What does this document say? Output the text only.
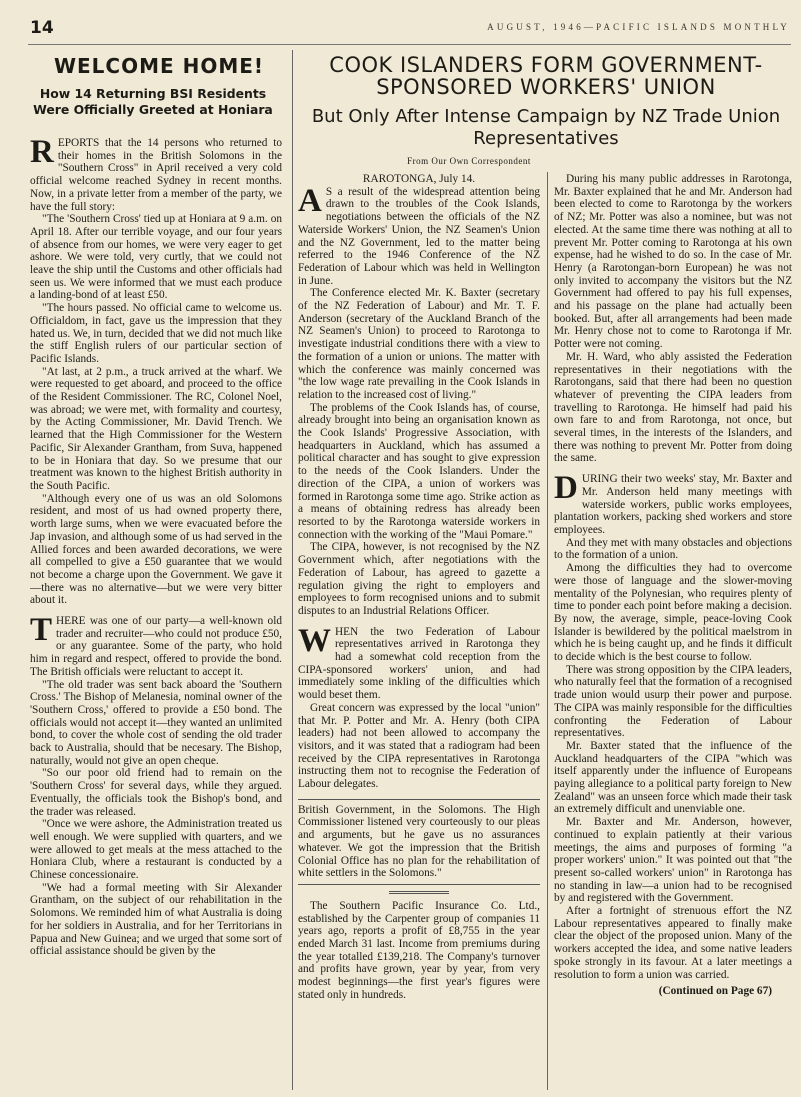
14	AUGUST, 1946—PACIFIC ISLANDS MONTHLY
WELCOME HOME!
How 14 Returning BSI Residents Were Officially Greeted at Honiara

REPORTS that the 14 persons who returned to their homes in the British Solomons in the "Southern Cross" in April received a very cold official welcome reached Sydney in recent months. Now, in a private letter from a member of the party, we have the full story:

"The 'Southern Cross' tied up at Honiara at 9 a.m. on April 18. After our terrible voyage, and our four years of absence from our homes, we were very eager to get ashore. We were told, very curtly, that we could not leave the ship until the Customs and other officials had seen us. We were informed that we must each produce a landing-bond of at least £50.

"The hours passed. No official came to welcome us. Officialdom, in fact, gave us the impression that they hated us. We, in turn, decided that we did not much like the stiff English rulers of our particular section of Pacific Islands.

"At last, at 2 p.m., a truck arrived at the wharf. We were requested to get aboard, and proceed to the office of the Resident Commissioner. The RC, Colonel Noel, was abroad; we were met, with formality and courtesy, by the Acting Commissioner, Mr. David Trench. We learned that the High Commissioner for the Western Pacific, Sir Alexander Grantham, from Suva, happened to be in Honiara that day. So we presume that our treatment was known to the highest British authority in the South Pacific.

"Although every one of us was an old Solomons resident, and most of us had owned property there, worth large sums, when we were evacuated before the Jap invasion, and although some of us had served in the Allied forces and been awarded decorations, we were all compelled to give a £50 guarantee that we would not become a charge upon the Government. We gave it—there was no alternative—but we were very bitter about it.

THERE was one of our party—a well-known old trader and recruiter—who could not produce £50, or any guarantee. Some of the party, who hold him in regard and respect, offered to provide the bond. The British officials were reluctant to accept it.

"The old trader was sent back aboard the 'Southern Cross.' The Bishop of Melanesia, nominal owner of the 'Southern Cross,' offered to provide a £50 bond. The officials would not accept it—they wanted an unlimited bond, to cover the whole cost of sending the old trader back to Australia, should that be necesary. The Bishop, naturally, would not give an open cheque.

"So our poor old friend had to remain on the 'Southern Cross' for several days, while they argued. Eventually, the officials took the Bishop's bond, and the trader was released.

"Once we were ashore, the Administration treated us well enough. We were supplied with quarters, and we were allowed to get meals at the mess attached to the Honiara Club, where a restaurant is conducted by a Chinese concessionaire.

"We had a formal meeting with Sir Alexander Grantham, on the subject of our rehabilitation in the Solomons. We reminded him of what Australia is doing for her soldiers in Australia, and for her Territorians in Papua and New Guinea; and we urged that some sort of official assistance should be given by the

COOK ISLANDERS FORM GOVERNMENT-SPONSORED WORKERS' UNION
But Only After Intense Campaign by NZ Trade Union Representatives
From Our Own Correspondent

RAROTONGA, July 14.

A S a result of the widespread attention being drawn to the troubles of the Cook Islands, negotiations between the officials of the NZ Waterside Workers' Union, the NZ Seamen's Union and the NZ Government, led to the matter being referred to the 1946 Conference of the NZ Federation of Labour which was held in Wellington in June.

The Conference elected Mr. K. Baxter (secretary of the NZ Federation of Labour) and Mr. T. F. Anderson (secretary of the Auckland Branch of the NZ Seamen's Union) to proceed to Rarotonga to investigate industrial conditions there with a view to the formation of a union or unions. The matter with which the conference was mainly concerned was "the low wage rate prevailing in the Cook Islands in relation to the increased cost of living."

The problems of the Cook Islands has, of course, already brought into being an organisation known as the Cook Islands' Progressive Association, with headquarters in Auckland, which has assumed a political character and has sought to give expression to the needs of the Cook Islanders. Under the direction of the CIPA, a union of workers was formed in Rarotonga some time ago. Strike action as a means of obtaining redress has already been resorted to by the Rarotonga waterside workers in connection with the working of the "Maui Pomare."

The CIPA, however, is not recognised by the NZ Government which, after negotiations with the Federation of Labour, has agreed to gazette a regulation giving the right to employers and employees to form recognised unions and to submit disputes to an Industrial Relations Officer.

WHEN the two Federation of Labour representatives arrived in Rarotonga they had a somewhat cold reception from the CIPA-sponsored workers' union, and had immediately some inkling of the difficulties which would beset them.

Great concern was expressed by the local "union" that Mr. P. Potter and Mr. A. Henry (both CIPA leaders) had not been allowed to accompany the visitors, and it was stated that a radiogram had been received by the CIPA representatives in Rarotonga instructing them not to recognise the Federation of Labour delegates.

British Government, in the Solomons. The High Commissioner listened very courteously to our pleas and arguments, but he gave us no assurances whatever. We got the impression that the British Colonial Office has no plan for the rehabilitation of white settlers in the Solomons."

The Southern Pacific Insurance Co. Ltd., established by the Carpenter group of companies 11 years ago, reports a profit of £8,755 in the year ended March 31 last. Income from premiums during the year totalled £139,218. The Company's turnover and profits have grown, year by year, from very modest beginnings—the first year's figures were stated only in hundreds.

During his many public addresses in Rarotonga, Mr. Baxter explained that he and Mr. Anderson had been elected to come to Rarotonga by the workers of NZ; Mr. Potter was also a nominee, but was not elected. At the same time there was nothing at all to prevent Mr. Potter coming to Rarotonga at his own expense, had he wished to do so. In the case of Mr. Henry (a Rarotongan-born European) he was not only invited to accompany the visitors but the NZ Government had offered to pay his full expenses, and his passage on the plane had actually been booked. But, after all arrangements had been made Mr. Henry chose not to come to Rarotonga if Mr. Potter were not coming.

Mr. H. Ward, who ably assisted the Federation representatives in their negotiations with the Rarotongans, said that there had been no question whatever of preventing the CIPA leaders from travelling to Rarotonga. He himself had paid his own fare to and from Rarotonga, not once, but several times, in the interests of the Islanders, and there was nothing to prevent Mr. Potter from doing the same.

DURING their two weeks' stay, Mr. Baxter and Mr. Anderson held many meetings with waterside workers, public works employees, plantation workers, packing shed workers and store employees.

And they met with many obstacles and objections to the formation of a union.

Among the difficulties they had to overcome were those of language and the slower-moving mentality of the Polynesian, who requires plenty of time to ponder each point before making a decision. By now, the average, simple, peace-loving Cook Islander is bewildered by the political maelstrom in which he is being caught up, and he finds it difficult to decide which is the best course to follow.

There was strong opposition by the CIPA leaders, who naturally feel that the formation of a recognised trade union would usurp their power and purpose. The CIPA was mainly responsible for the difficulties confronting the Federation of Labour representatives.

Mr. Baxter stated that the influence of the Auckland headquarters of the CIPA "which was itself apparently under the influence of Europeans paying allegiance to a political party foreign to New Zealand" was an unseen force which made their task an extremely difficult and unenviable one.

Mr. Baxter and Mr. Anderson, however, continued to explain patiently at their various meetings, the aims and purposes of forming "a proper workers' union." It was pointed out that "the present so-called workers' union" in Rarotonga has no standing in law—a union had to be recognised by and registered with the Government.

After a fortnight of strenuous effort the NZ Labour representatives appeared to finally make clear the object of the proposed union. Many of the workers accepted the idea, and some native leaders spoke strongly in its favour. At a later meetings a resolution to form a union was carried.

(Continued on Page 67)
